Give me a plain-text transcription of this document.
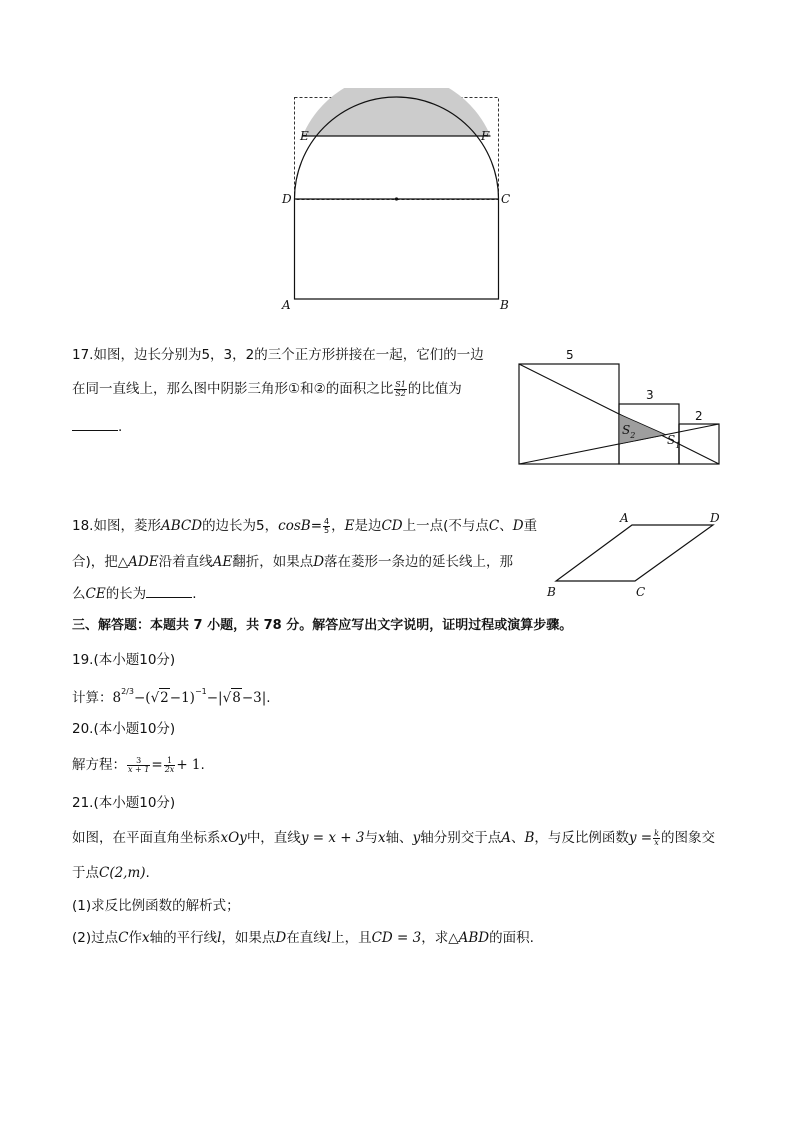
E	F
D	C
A	B
17.如图，边长分别为5，3，2的三个正方形拼接在一起，它们的一边
在同一直线上，那么图中阴影三角形①和②的面积之比 $\frac{S1}{S2}$ 的比值为
.
5
3
2
$S_2$	$S_1$
18.如图，菱形ABCD的边长为5，$\cos B= \frac{4}{5}$ ，E是边CD上一点(不与点C、D重
合)，把△ADE沿着直线AE翻折，如果点D落在菱形一条边的延长线上，那
么CE的长为	.
A	D
B	C
三、解答题：本题共 7 小题，共 78 分。解答应写出文字说明，证明过程或演算步骤。
19.(本小题10分)
计算：$8^{2/3}-(√2-1)^{-1}-|√8-3|$.
20.(本小题10分)
解方程： $\frac{3}{x + 1} = \frac{1}{2x} + 1$.
21.(本小题10分)
如图，在平面直角坐标系xOy中，直线y = x + 3与x轴、y轴分别交于点A、B，与反比例函数$y = \frac{k}{x}$ 的图象交
于点C(2,m).
(1)求反比例函数的解析式；
(2)过点C作x轴的平行线l，如果点D在直线l上，且CD = 3，求△ABD的面积.
